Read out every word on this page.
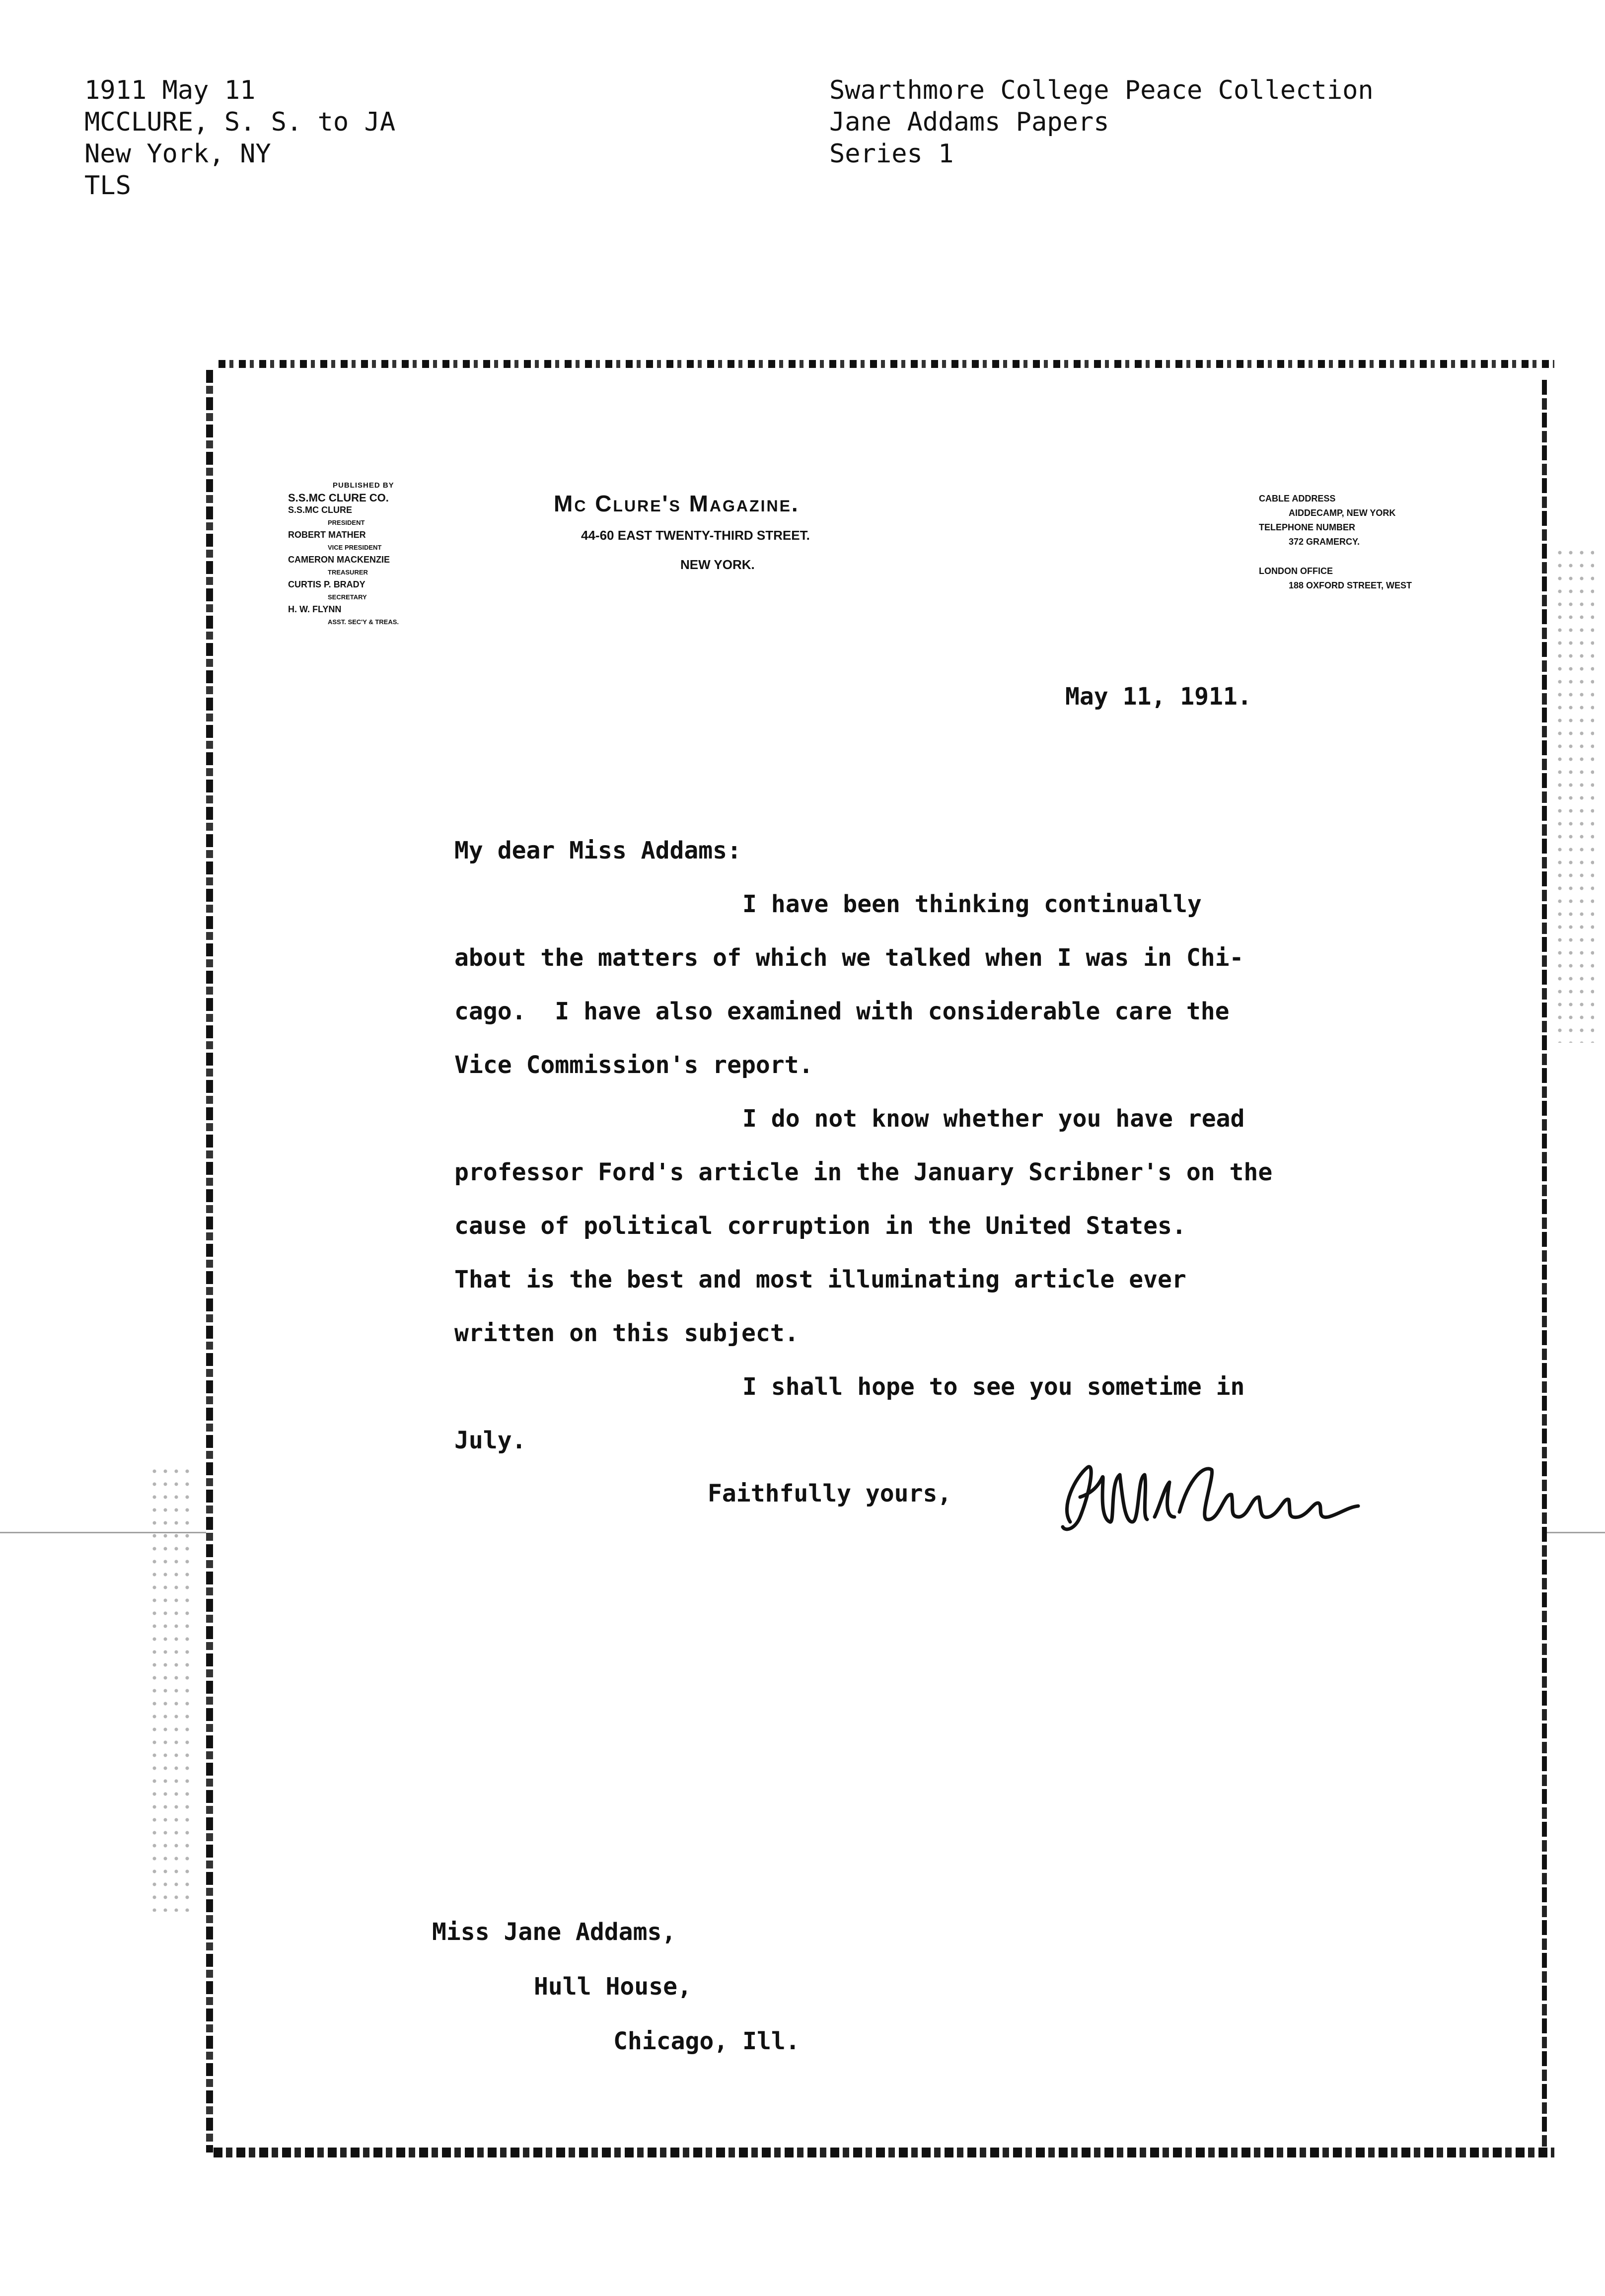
1911 May 11
MCCLURE, S. S. to JA
New York, NY
TLS
Swarthmore College Peace Collection
Jane Addams Papers
Series 1
PUBLISHED BY
S.S.MC CLURE CO.
S.S.MC CLURE
PRESIDENT
ROBERT MATHER
VICE PRESIDENT
CAMERON MACKENZIE
TREASURER
CURTIS P. BRADY
SECRETARY
H. W. FLYNN
ASST. SEC'Y & TREAS.
Mc Clure's Magazine.
44-60 EAST TWENTY-THIRD STREET.
NEW YORK.
CABLE ADDRESS
AIDDECAMP, NEW YORK
TELEPHONE NUMBER
372 GRAMERCY.
LONDON OFFICE
188 OXFORD STREET, WEST
May 11, 1911.
My dear Miss Addams:
I have been thinking continually
about the matters of which we talked when I was in Chi-
cago.  I have also examined with considerable care the
Vice Commission's report.
I do not know whether you have read
professor Ford's article in the January Scribner's on the
cause of political corruption in the United States.
That is the best and most illuminating article ever
written on this subject.
I shall hope to see you sometime in
July.
Faithfully yours,
Miss Jane Addams,
Hull House,
Chicago, Ill.
